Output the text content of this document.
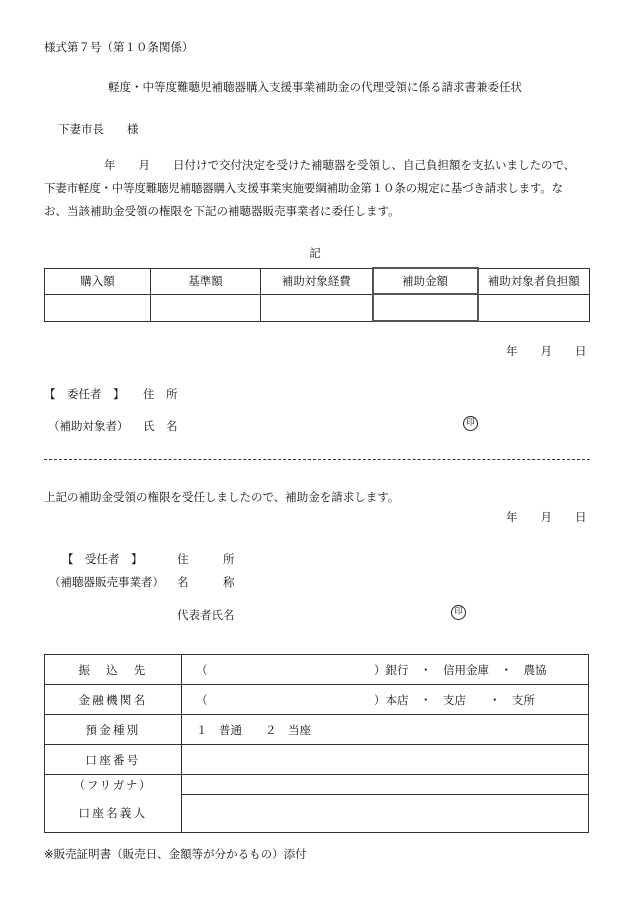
様式第７号（第１０条関係）
軽度・中等度難聴児補聴器購入支援事業補助金の代理受領に係る請求書兼委任状
下妻市長　　様
年　　月　　日付けで交付決定を受けた補聴器を受領し、自己負担額を支払いましたので、
下妻市軽度・中等度難聴児補聴器購入支援事業実施要綱補助金第１０条の規定に基づき請求します。な
お、当該補助金受領の権限を下記の補聴器販売事業者に委任します。
記
購入額	基準額	補助対象経費	補助金額	補助対象者負担額

年　　月　　日
【　委任者　】 住　所
（補助対象者） 氏　名	印
上記の補助金受領の権限を受任しましたので、補助金を請求します。
年　　月　　日
【　受任者　】	住　　　所
（補聴器販売事業者） 名　　　称
代表者氏名	印
振　込　先	（ ）銀行　・　信用金庫　・　農協
金融機関名	（ ）本店　・　支店　　・　支所
預金種別	１　普通　　２　当座
口座番号	
（フリガナ）	
口座名義人	
※販売証明書（販売日、金額等が分かるもの）添付
